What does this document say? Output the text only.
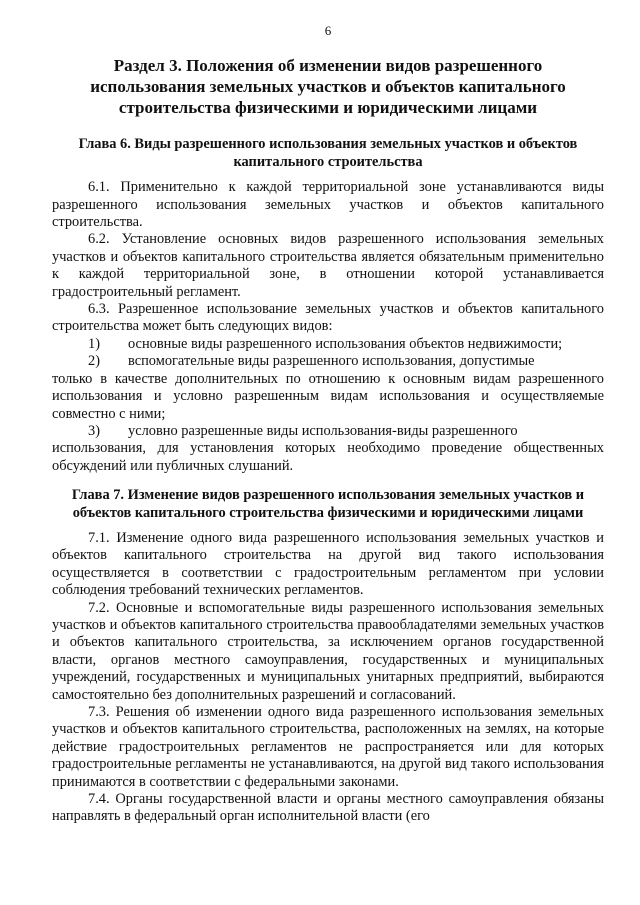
6
Раздел 3. Положения об изменении видов разрешенного использования земельных участков и объектов капитального строительства физическими и юридическими лицами
Глава 6. Виды разрешенного использования земельных участков и объектов капитального строительства

6.1. Применительно к каждой территориальной зоне устанавливаются виды разрешенного использования земельных участков и объектов капитального строительства.

6.2. Установление основных видов разрешенного использования земельных участков и объектов капитального строительства является обязательным применительно к каждой территориальной зоне, в отношении которой устанавливается градостроительный регламент.

6.3. Разрешенное использование земельных участков и объектов капитального строительства может быть следующих видов:

1)	основные виды разрешенного использования объектов недвижимости;
2)	вспомогательные виды разрешенного использования, допустимые

только в качестве дополнительных по отношению к основным видам разрешенного использования и условно разрешенным видам использования и осуществляемые совместно с ними;

3)	условно разрешенные виды использования-виды разрешенного

использования, для установления которых необходимо проведение общественных обсуждений или публичных слушаний.

Глава 7. Изменение видов разрешенного использования земельных участков и объектов капитального строительства физическими и юридическими лицами

7.1. Изменение одного вида разрешенного использования земельных участков и объектов капитального строительства на другой вид такого использования осуществляется в соответствии с градостроительным регламентом при условии соблюдения требований технических регламентов.

7.2. Основные и вспомогательные виды разрешенного использования земельных участков и объектов капитального строительства правообладателями земельных участков и объектов капитального строительства, за исключением органов государственной власти, органов местного самоуправления, государственных и муниципальных учреждений, государственных и муниципальных унитарных предприятий, выбираются самостоятельно без дополнительных разрешений и согласований.

7.3. Решения об изменении одного вида разрешенного использования земельных участков и объектов капитального строительства, расположенных на землях, на которые действие градостроительных регламентов не распространяется или для которых градостроительные регламенты не устанавливаются, на другой вид такого использования принимаются в соответствии с федеральными законами.

7.4. Органы государственной власти и органы местного самоуправления обязаны направлять в федеральный орган исполнительной власти (его
